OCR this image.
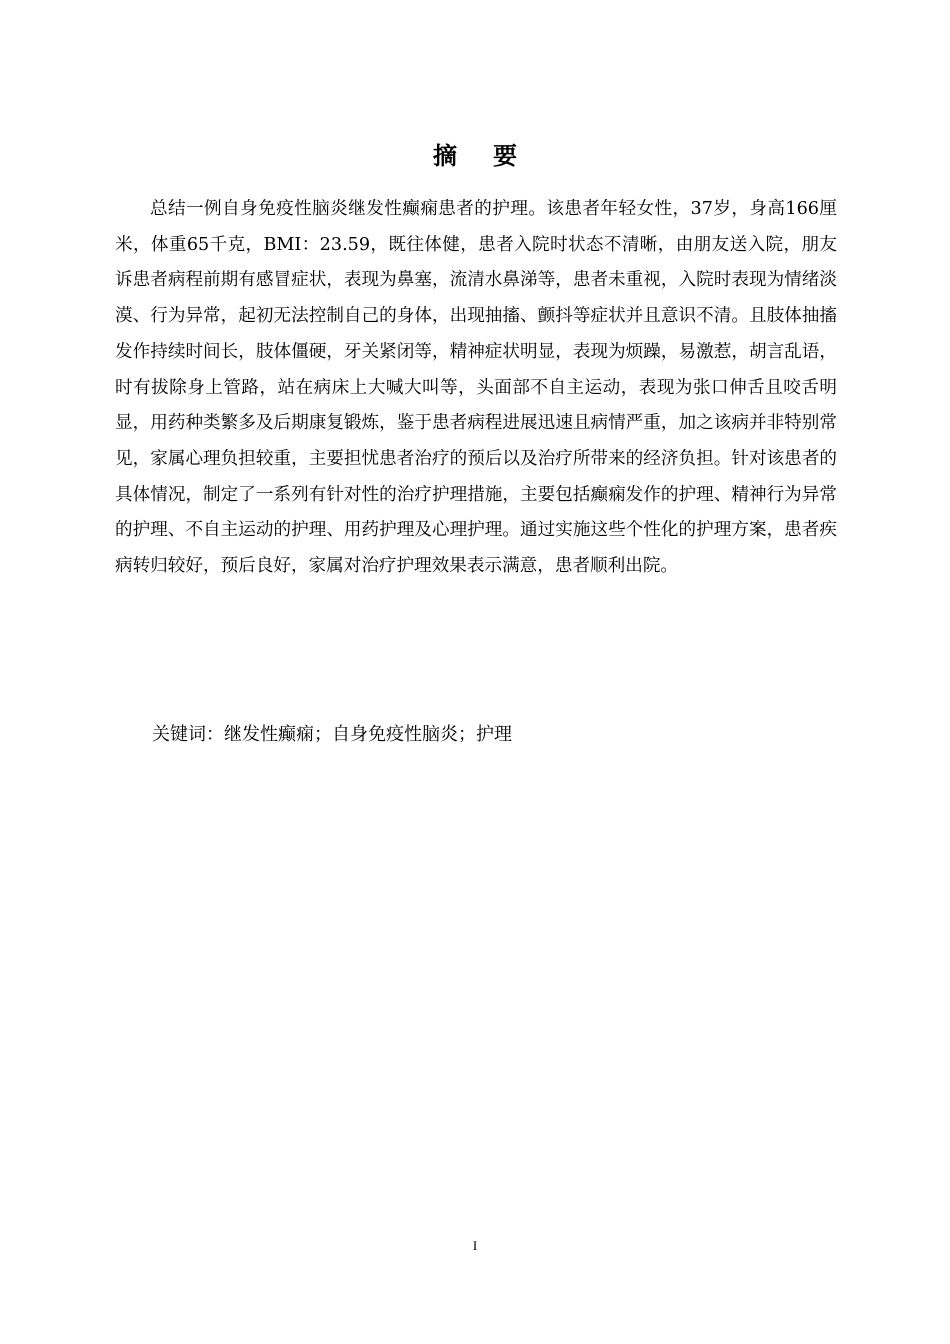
摘要

总结一例自身免疫性脑炎继发性癫痫患者的护理。该患者年轻女性，37岁，身高166厘米，体重65千克，BMI：23.59，既往体健，患者入院时状态不清晰，由朋友送入院，朋友诉患者病程前期有感冒症状，表现为鼻塞，流清水鼻涕等，患者未重视，入院时表现为情绪淡漠、行为异常，起初无法控制自己的身体，出现抽搐、颤抖等症状并且意识不清。且肢体抽搐发作持续时间长，肢体僵硬，牙关紧闭等，精神症状明显，表现为烦躁，易激惹，胡言乱语，时有拔除身上管路，站在病床上大喊大叫等，头面部不自主运动，表现为张口伸舌且咬舌明显，用药种类繁多及后期康复锻炼，鉴于患者病程进展迅速且病情严重，加之该病并非特别常见，家属心理负担较重，主要担忧患者治疗的预后以及治疗所带来的经济负担。针对该患者的具体情况，制定了一系列有针对性的治疗护理措施，主要包括癫痫发作的护理、精神行为异常的护理、不自主运动的护理、用药护理及心理护理。通过实施这些个性化的护理方案，患者疾病转归较好，预后良好，家属对治疗护理效果表示满意，患者顺利出院。

关键词：继发性癫痫；自身免疫性脑炎；护理
I
